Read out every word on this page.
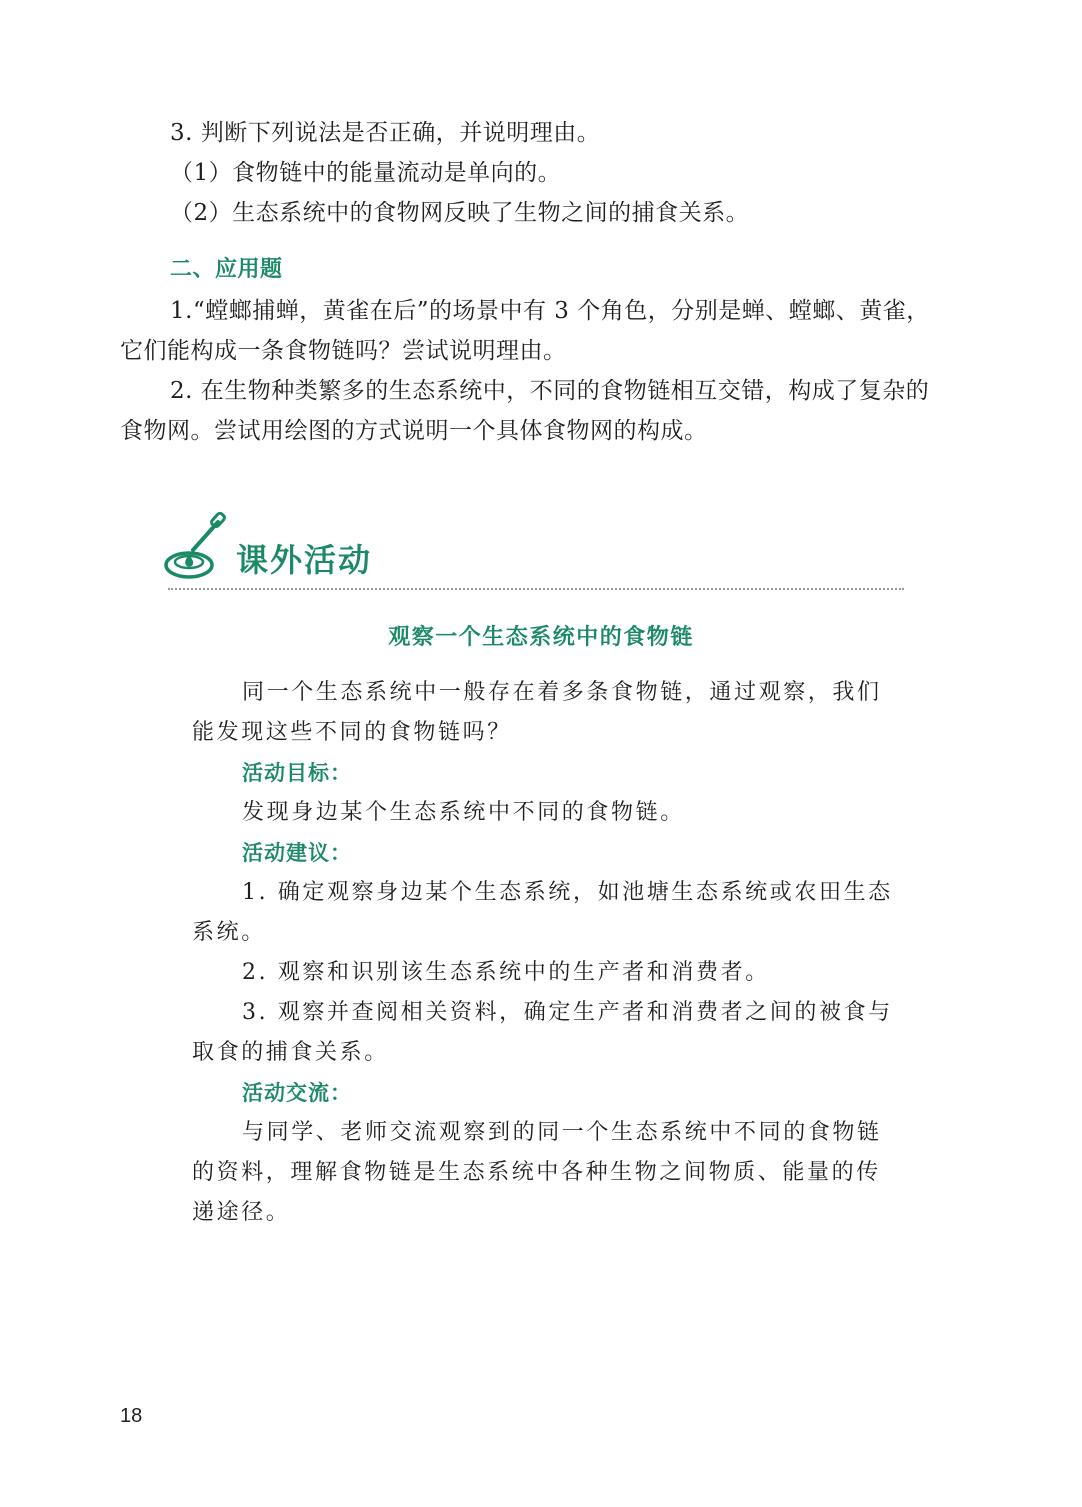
3. 判断下列说法是否正确，并说明理由。
（1）食物链中的能量流动是单向的。
（2）生态系统中的食物网反映了生物之间的捕食关系。
二、应用题
1.“螳螂捕蝉，黄雀在后”的场景中有 3 个角色，分别是蝉、螳螂、黄雀，
它们能构成一条食物链吗？尝试说明理由。
2. 在生物种类繁多的生态系统中，不同的食物链相互交错，构成了复杂的
食物网。尝试用绘图的方式说明一个具体食物网的构成。
课外活动
观察一个生态系统中的食物链
同一个生态系统中一般存在着多条食物链，通过观察，我们
能发现这些不同的食物链吗？
活动目标：
发现身边某个生态系统中不同的食物链。
活动建议：
1. 确定观察身边某个生态系统，如池塘生态系统或农田生态
系统。
2. 观察和识别该生态系统中的生产者和消费者。
3. 观察并查阅相关资料，确定生产者和消费者之间的被食与
取食的捕食关系。
活动交流：
与同学、老师交流观察到的同一个生态系统中不同的食物链
的资料，理解食物链是生态系统中各种生物之间物质、能量的传
递途径。
18
